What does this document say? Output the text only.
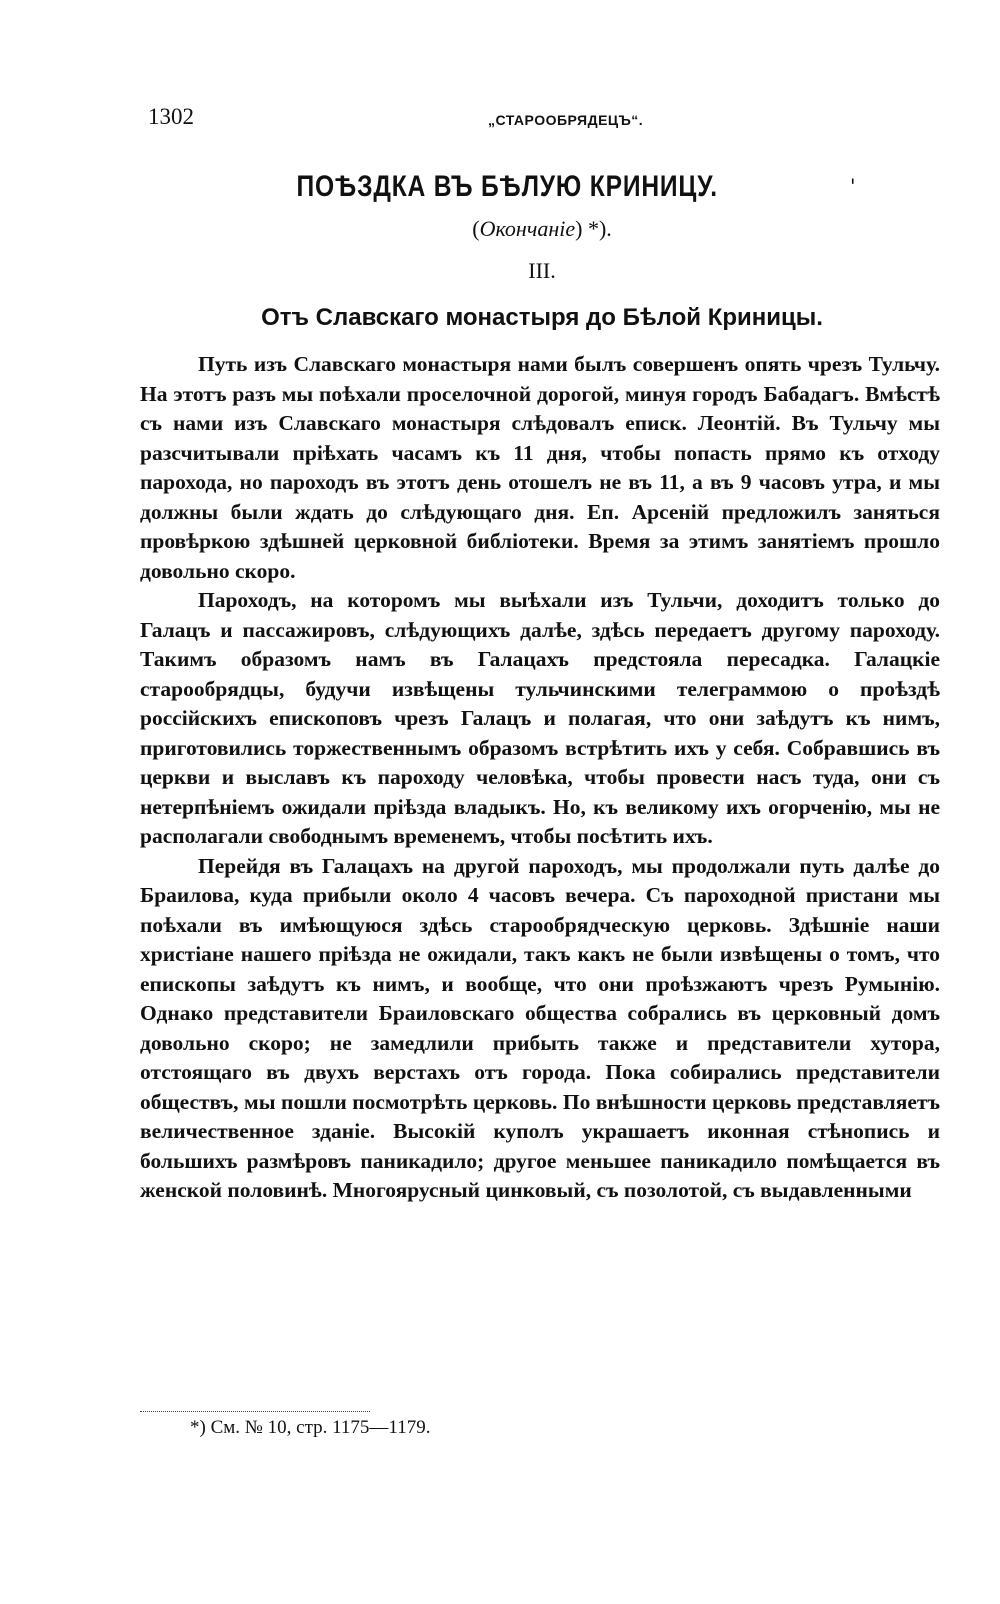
1302	„СТАРООБРЯДЕЦЪ“.
ПОѢЗДКА ВЪ БѢЛУЮ КРИНИЦУ.	'
(Окончаніе) *).
III.
Отъ Славскаго монастыря до Бѣлой Криницы.

Путь изъ Славскаго монастыря нами былъ совершенъ опять чрезъ Тульчу. На этотъ разъ мы поѣхали проселочной дорогой, минуя городъ Бабадагъ. Вмѣстѣ съ нами изъ Славскаго монастыря слѣдовалъ еписк. Леонтій. Въ Тульчу мы разсчитывали пріѣхать часамъ къ 11 дня, чтобы попасть прямо къ отходу парохода, но пароходъ въ этотъ день отошелъ не въ 11, а въ 9 часовъ утра, и мы должны были ждать до слѣдующаго дня. Еп. Арсеній предложилъ заняться провѣркою здѣшней церковной библіотеки. Время за этимъ занятіемъ прошло довольно скоро.

Пароходъ, на которомъ мы выѣхали изъ Тульчи, доходитъ только до Галацъ и пассажировъ, слѣдующихъ далѣе, здѣсь передаетъ другому пароходу. Такимъ образомъ намъ въ Галацахъ предстояла пересадка. Галацкіе старообрядцы, будучи извѣщены тульчинскими телеграммою о проѣздѣ россійскихъ епископовъ чрезъ Галацъ и полагая, что они заѣдутъ къ нимъ, приготовились торжественнымъ образомъ встрѣтить ихъ у себя. Собравшись въ церкви и выславъ къ пароходу человѣка, чтобы провести насъ туда, они съ нетерпѣніемъ ожидали пріѣзда владыкъ. Но, къ великому ихъ огорченію, мы не располагали свободнымъ временемъ, чтобы посѣтить ихъ.

Перейдя въ Галацахъ на другой пароходъ, мы продолжали путь далѣе до Браилова, куда прибыли около 4 часовъ вечера. Съ пароходной пристани мы поѣхали въ имѣющуюся здѣсь старообрядческую церковь. Здѣшніе наши христіане нашего пріѣзда не ожидали, такъ какъ не были извѣщены о томъ, что епископы заѣдутъ къ нимъ, и вообще, что они проѣзжаютъ чрезъ Румынію. Однако представители Браиловскаго общества собрались въ церковный домъ довольно скоро; не замедлили прибыть также и представители хутора, отстоящаго въ двухъ верстахъ отъ города. Пока собирались представители обществъ, мы пошли посмотрѣть церковь. По внѣшности церковь представляетъ величественное зданіе. Высокій куполъ украшаетъ иконная стѣнопись и большихъ размѣровъ паникадило; другое меньшее паникадило помѣщается въ женской половинѣ. Многоярусный цинковый, съ позолотой, съ выдавленными

*) См. № 10, стр. 1175—1179.
